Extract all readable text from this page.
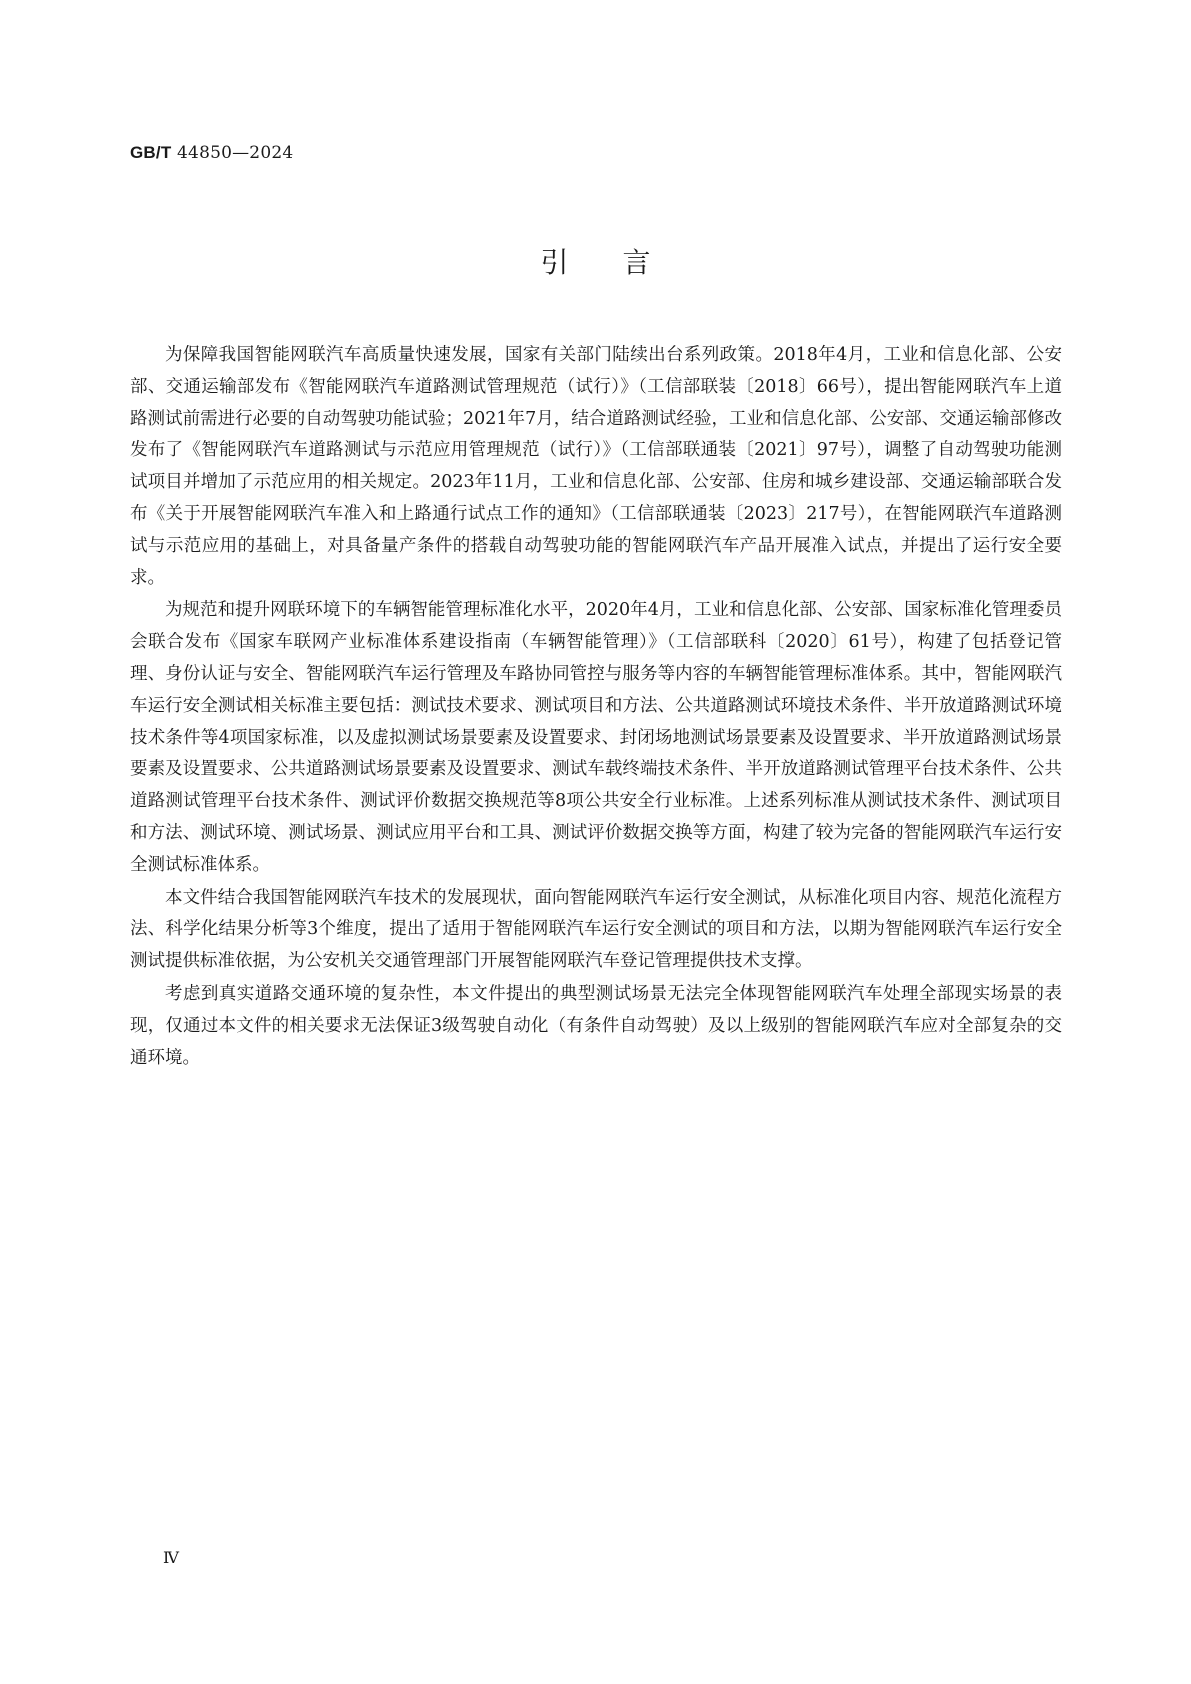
GB/T 44850—2024
引言

为保障我国智能网联汽车高质量快速发展，国家有关部门陆续出台系列政策。2018年4月，工业和信息化部、公安部、交通运输部发布《智能网联汽车道路测试管理规范（试行）》（工信部联装〔2018〕66号），提出智能网联汽车上道路测试前需进行必要的自动驾驶功能试验；2021年7月，结合道路测试经验，工业和信息化部、公安部、交通运输部修改发布了《智能网联汽车道路测试与示范应用管理规范（试行）》（工信部联通装〔2021〕97号），调整了自动驾驶功能测试项目并增加了示范应用的相关规定。2023年11月，工业和信息化部、公安部、住房和城乡建设部、交通运输部联合发布《关于开展智能网联汽车准入和上路通行试点工作的通知》（工信部联通装〔2023〕217号），在智能网联汽车道路测试与示范应用的基础上，对具备量产条件的搭载自动驾驶功能的智能网联汽车产品开展准入试点，并提出了运行安全要求。

为规范和提升网联环境下的车辆智能管理标准化水平，2020年4月，工业和信息化部、公安部、国家标准化管理委员会联合发布《国家车联网产业标准体系建设指南（车辆智能管理）》（工信部联科〔2020〕61号），构建了包括登记管理、身份认证与安全、智能网联汽车运行管理及车路协同管控与服务等内容的车辆智能管理标准体系。其中，智能网联汽车运行安全测试相关标准主要包括：测试技术要求、测试项目和方法、公共道路测试环境技术条件、半开放道路测试环境技术条件等4项国家标准，以及虚拟测试场景要素及设置要求、封闭场地测试场景要素及设置要求、半开放道路测试场景要素及设置要求、公共道路测试场景要素及设置要求、测试车载终端技术条件、半开放道路测试管理平台技术条件、公共道路测试管理平台技术条件、测试评价数据交换规范等8项公共安全行业标准。上述系列标准从测试技术条件、测试项目和方法、测试环境、测试场景、测试应用平台和工具、测试评价数据交换等方面，构建了较为完备的智能网联汽车运行安全测试标准体系。

本文件结合我国智能网联汽车技术的发展现状，面向智能网联汽车运行安全测试，从标准化项目内容、规范化流程方法、科学化结果分析等3个维度，提出了适用于智能网联汽车运行安全测试的项目和方法，以期为智能网联汽车运行安全测试提供标准依据，为公安机关交通管理部门开展智能网联汽车登记管理提供技术支撑。

考虑到真实道路交通环境的复杂性，本文件提出的典型测试场景无法完全体现智能网联汽车处理全部现实场景的表现，仅通过本文件的相关要求无法保证3级驾驶自动化（有条件自动驾驶）及以上级别的智能网联汽车应对全部复杂的交通环境。

Ⅳ
